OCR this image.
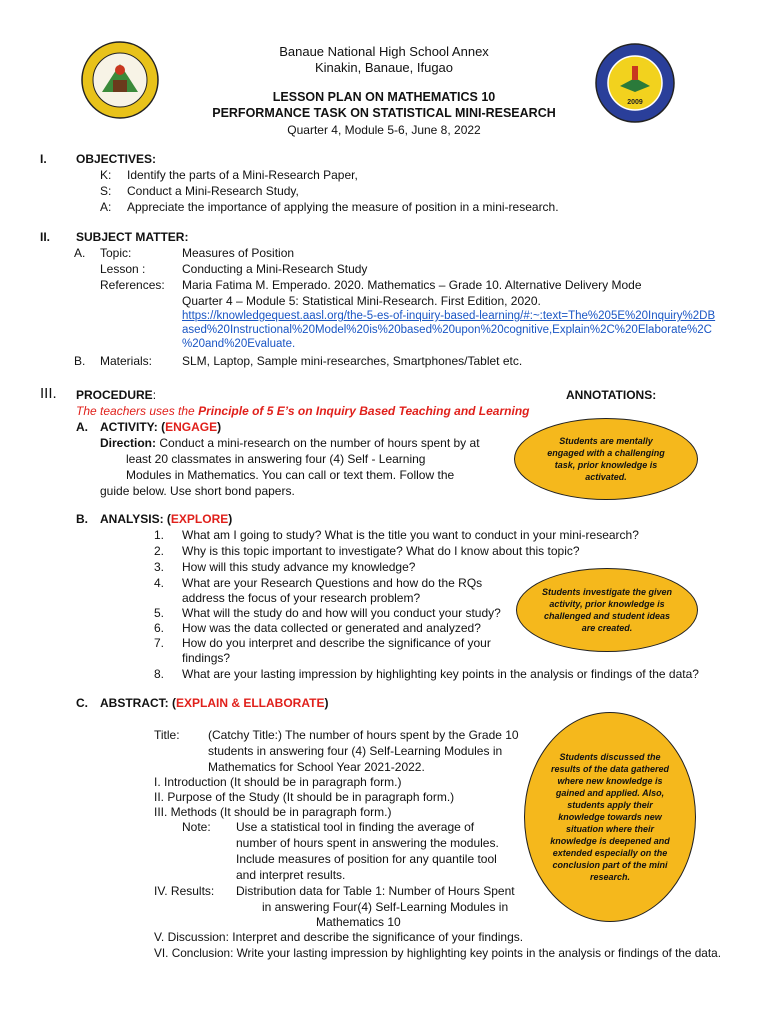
Banaue National High School Annex
Kinakin, Banaue, Ifugao
LESSON PLAN ON MATHEMATICS 10
PERFORMANCE TASK ON STATISTICAL MINI-RESEARCH
Quarter 4, Module 5-6, June 8, 2022
2009
I. OBJECTIVES:
K: Identify the parts of a Mini-Research Paper,
S: Conduct a Mini-Research Study,
A: Appreciate the importance of applying the measure of position in a mini-research.
II. SUBJECT MATTER:
A. Topic:	Measures of Position
Lesson :	Conducting a Mini-Research Study
References: Maria Fatima M. Emperado. 2020. Mathematics – Grade 10. Alternative Delivery Mode
Quarter 4 – Module 5: Statistical Mini-Research. First Edition, 2020.
https://knowledgequest.aasl.org/the-5-es-of-inquiry-based-learning/#:~:text=The%205E%20Inquiry%2DB
ased%20Instructional%20Model%20is%20based%20upon%20cognitive,Explain%2C%20Elaborate%2C
%20and%20Evaluate.
B. Materials: SLM, Laptop, Sample mini-researches, Smartphones/Tablet etc.
III. PROCEDURE:	ANNOTATIONS:
The teachers uses the Principle of 5 E’s on Inquiry Based Teaching and Learning
A. ACTIVITY: (ENGAGE)
Direction: Conduct a mini-research on the number of hours spent by at
least 20 classmates in answering four (4) Self - Learning
Modules in Mathematics. You can call or text them. Follow the
guide below. Use short bond papers.
Students are mentally
engaged with a challenging
task, prior knowledge is
activated.
B. ANALYSIS: (EXPLORE)
1. What am I going to study? What is the title you want to conduct in your mini-research?
2. Why is this topic important to investigate? What do I know about this topic?
3. How will this study advance my knowledge?
4. What are your Research Questions and how do the RQs
address the focus of your research problem?
5. What will the study do and how will you conduct your study?
6. How was the data collected or generated and analyzed?
7. How do you interpret and describe the significance of your
findings?
8. What are your lasting impression by highlighting key points in the analysis or findings of the data?
Students investigate the given
activity, prior knowledge is
challenged and student ideas
are created.
C. ABSTRACT: (EXPLAIN & ELLABORATE)
Title: (Catchy Title:) The number of hours spent by the Grade 10
students in answering four (4) Self-Learning Modules in
Mathematics for School Year 2021-2022.
I. Introduction (It should be in paragraph form.)
II. Purpose of the Study (It should be in paragraph form.)
III. Methods (It should be in paragraph form.)
Note: Use a statistical tool in finding the average of
number of hours spent in answering the modules.
Include measures of position for any quantile tool
and interpret results.
IV. Results: Distribution data for Table 1: Number of Hours Spent
in answering Four(4) Self-Learning Modules in
Mathematics 10
V. Discussion: Interpret and describe the significance of your findings.
VI. Conclusion: Write your lasting impression by highlighting key points in the analysis or findings of the data.
Students discussed the
results of the data gathered
where new knowledge is
gained and applied. Also,
students apply their
knowledge towards new
situation where their
knowledge is deepened and
extended especially on the
conclusion part of the mini
research.
